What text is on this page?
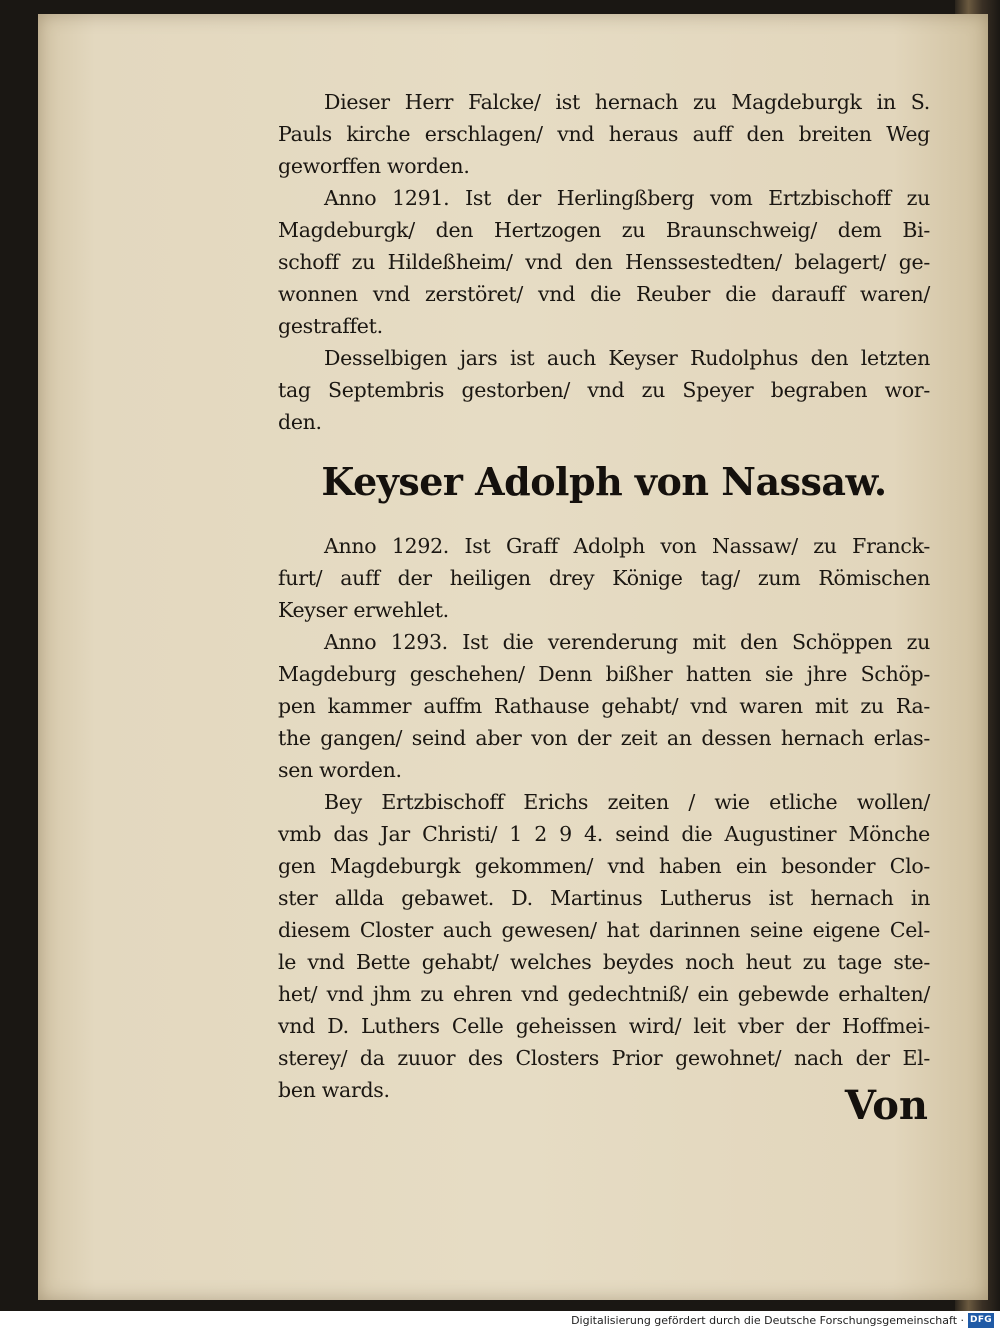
Dieser Herr Falcke/ ist hernach zu Magdeburgk in S.
Pauls kirche erschlagen/ vnd heraus auff den breiten Weg
geworffen worden.
Anno 1291. Ist der Herlingßberg vom Ertzbischoff zu
Magdeburgk/ den Hertzogen zu Braunschweig/ dem Bi-
schoff zu Hildeßheim/ vnd den Henssestedten/ belagert/ ge-
wonnen vnd zerstöret/ vnd die Reuber die darauff waren/
gestraffet.
Desselbigen jars ist auch Keyser Rudolphus den letzten
tag Septembris gestorben/ vnd zu Speyer begraben wor-
den.
Keyser Adolph von Nassaw.
Anno 1292. Ist Graff Adolph von Nassaw/ zu Franck-
furt/ auff der heiligen drey Könige tag/ zum Römischen
Keyser erwehlet.
Anno 1293. Ist die verenderung mit den Schöppen zu
Magdeburg geschehen/ Denn bißher hatten sie jhre Schöp-
pen kammer auffm Rathause gehabt/ vnd waren mit zu Ra-
the gangen/ seind aber von der zeit an dessen hernach erlas-
sen worden.
Bey Ertzbischoff Erichs zeiten / wie etliche wollen/
vmb das Jar Christi/ 1 2 9 4. seind die Augustiner Mönche
gen Magdeburgk gekommen/ vnd haben ein besonder Clo-
ster allda gebawet. D. Martinus Lutherus ist hernach in
diesem Closter auch gewesen/ hat darinnen seine eigene Cel-
le vnd Bette gehabt/ welches beydes noch heut zu tage ste-
het/ vnd jhm zu ehren vnd gedechtniß/ ein gebewde erhalten/
vnd D. Luthers Celle geheissen wird/ leit vber der Hoffmei-
sterey/ da zuuor des Closters Prior gewohnet/ nach der El-
ben wards.	Von
Digitalisierung gefördert durch die Deutsche Forschungsgemeinschaft · DFG
